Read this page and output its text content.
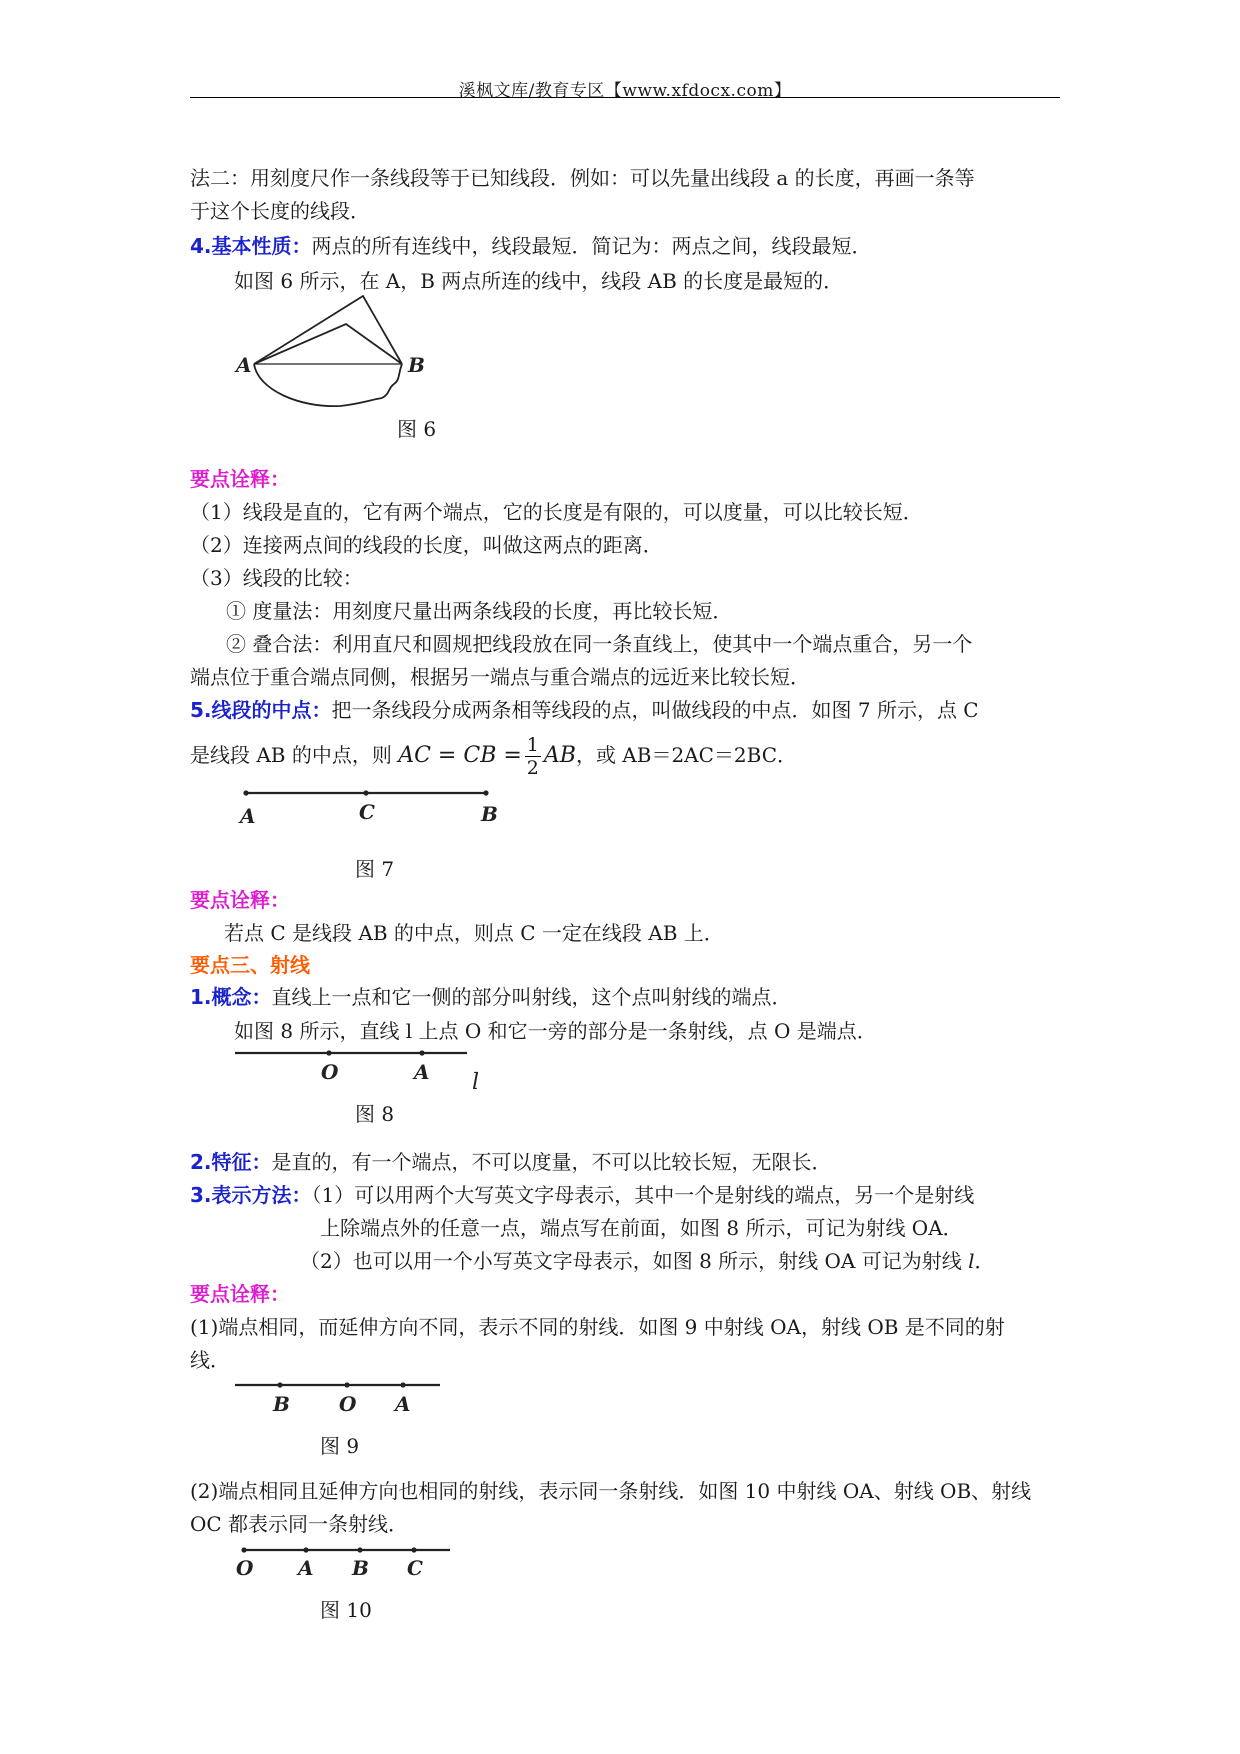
溪枫文库/教育专区【www.xfdocx.com】
法二：用刻度尺作一条线段等于已知线段．例如：可以先量出线段 a 的长度，再画一条等
于这个长度的线段．
4.基本性质：两点的所有连线中，线段最短．简记为：两点之间，线段最短．
如图 6 所示，在 A，B 两点所连的线中，线段 AB 的长度是最短的．
A	B
图 6
要点诠释：
（1）线段是直的，它有两个端点，它的长度是有限的，可以度量，可以比较长短．
（2）连接两点间的线段的长度，叫做这两点的距离．
（3）线段的比较：
① 度量法：用刻度尺量出两条线段的长度，再比较长短．
② 叠合法：利用直尺和圆规把线段放在同一条直线上，使其中一个端点重合，另一个
端点位于重合端点同侧，根据另一端点与重合端点的远近来比较长短．
5.线段的中点：把一条线段分成两条相等线段的点，叫做线段的中点．如图 7 所示，点 C
是线段 AB 的中点，则 AC = CB = $\frac{1}{2}$ AB，或 AB＝2AC＝2BC．
A	C	B
图 7
要点诠释：
若点 C 是线段 AB 的中点，则点 C 一定在线段 AB 上．
要点三、射线
1.概念：直线上一点和它一侧的部分叫射线，这个点叫射线的端点．
如图 8 所示，直线 l 上点 O 和它一旁的部分是一条射线，点 O 是端点．
O	A l
图 8
2.特征：是直的，有一个端点，不可以度量，不可以比较长短，无限长．
3.表示方法：（1）可以用两个大写英文字母表示，其中一个是射线的端点，另一个是射线
上除端点外的任意一点，端点写在前面，如图 8 所示，可记为射线 OA．
（2）也可以用一个小写英文字母表示，如图 8 所示，射线 OA 可记为射线 l．
要点诠释：
(1)端点相同，而延伸方向不同，表示不同的射线．如图 9 中射线 OA，射线 OB 是不同的射
线．
B O A
图 9
(2)端点相同且延伸方向也相同的射线，表示同一条射线．如图 10 中射线 OA、射线 OB、射线
OC 都表示同一条射线．
O A B C
图 10
